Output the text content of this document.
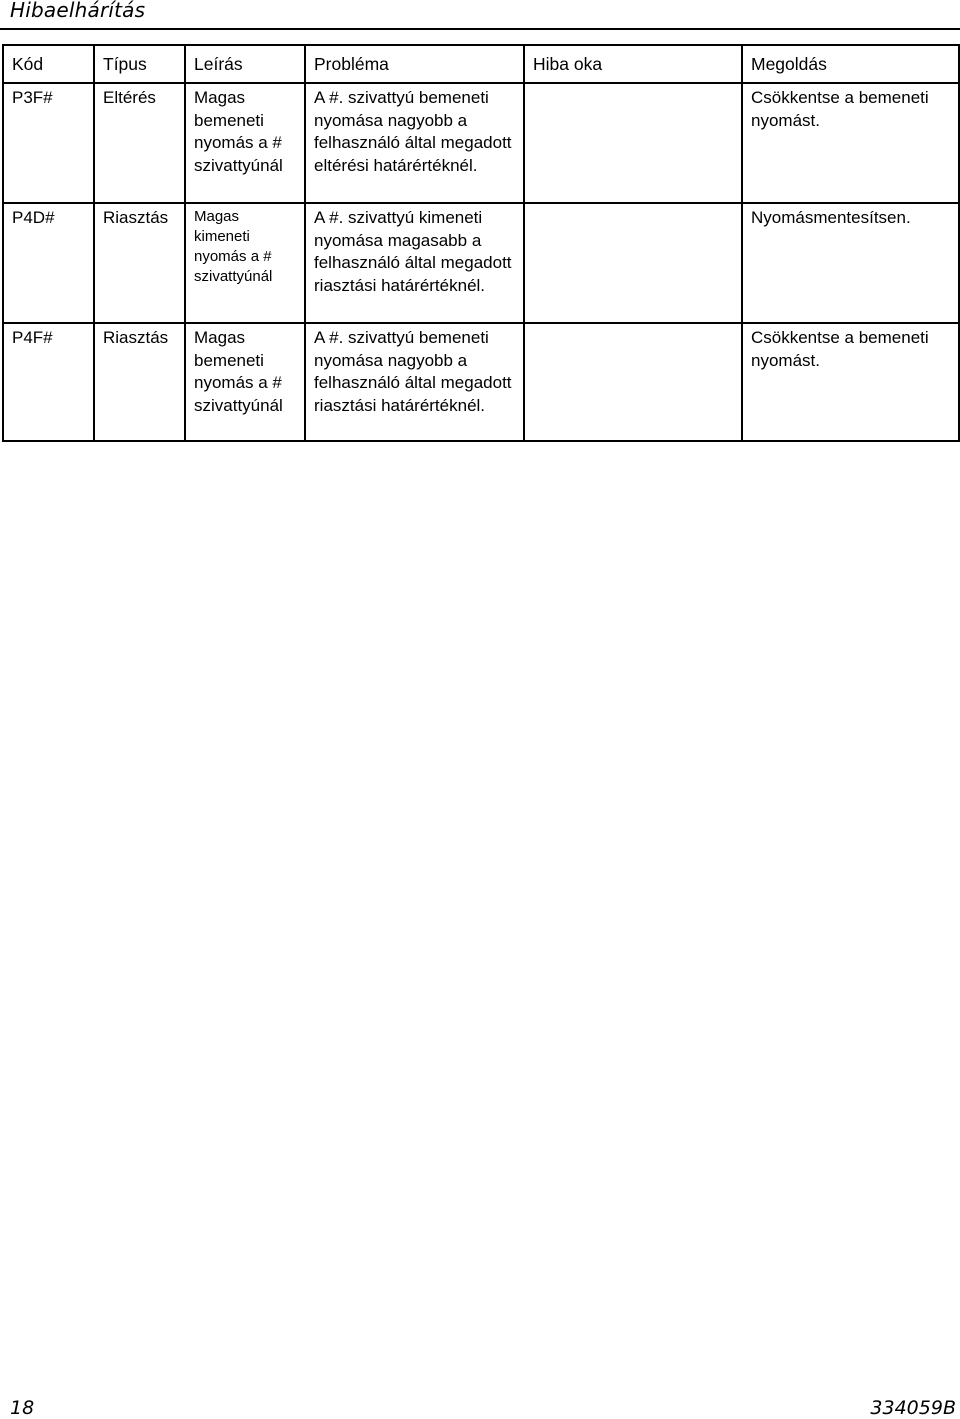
Hibaelhárítás
Kód	Típus	Leírás	Probléma	Hiba oka	Megoldás
P3F#	Eltérés	Magas bemeneti nyomás a # szivattyúnál	A #. szivattyú bemeneti nyomása nagyobb a felhasználó által megadott eltérési határértéknél.		Csökkentse a bemeneti nyomást.
P4D#	Riasztás	Magas kimeneti nyomás a # szivattyúnál	A #. szivattyú kimeneti nyomása magasabb a felhasználó által megadott riasztási határértéknél.		Nyomásmentesítsen.
P4F#	Riasztás	Magas bemeneti nyomás a # szivattyúnál	A #. szivattyú bemeneti nyomása nagyobb a felhasználó által megadott riasztási határértéknél.		Csökkentse a bemeneti nyomást.
18	334059B
